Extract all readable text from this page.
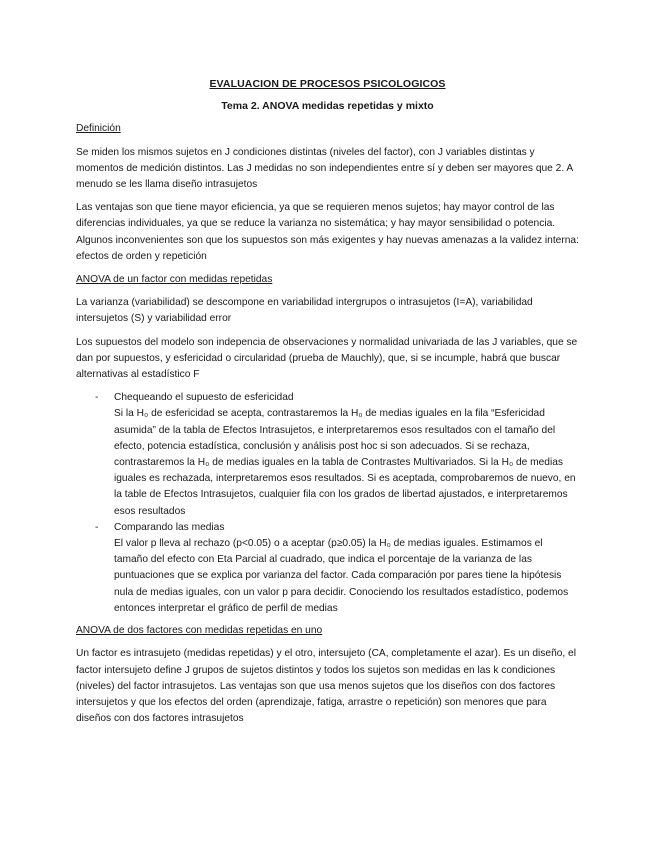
EVALUACION DE PROCESOS PSICOLOGICOS
Tema 2. ANOVA medidas repetidas y mixto
Definición

Se miden los mismos sujetos en J condiciones distintas (niveles del factor), con J variables distintas y momentos de medición distintos. Las J medidas no son independientes entre sí y deben ser mayores que 2. A menudo se les llama diseño intrasujetos

Las ventajas son que tiene mayor eficiencia, ya que se requieren menos sujetos; hay mayor control de las diferencias individuales, ya que se reduce la varianza no sistemática; y hay mayor sensibilidad o potencia. Algunos inconvenientes son que los supuestos son más exigentes y hay nuevas amenazas a la validez interna: efectos de orden y repetición

ANOVA de un factor con medidas repetidas

La varianza (variabilidad) se descompone en variabilidad intergrupos o intrasujetos (I=A), variabilidad intersujetos (S) y variabilidad error

Los supuestos del modelo son indepencia de observaciones y normalidad univariada de las J variables, que se dan por supuestos, y esfericidad o circularidad (prueba de Mauchly), que, si se incumple, habrá que buscar alternativas al estadístico F

- Chequeando el supuesto de esfericidad
Si la H₀ de esfericidad se acepta, contrastaremos la H₀ de medias iguales en la fila “Esfericidad asumida” de la tabla de Efectos Intrasujetos, e interpretaremos esos resultados con el tamaño del efecto, potencia estadística, conclusión y análisis post hoc si son adecuados. Si se rechaza, contrastaremos la H₀ de medias iguales en la tabla de Contrastes Multivariados. Si la H₀ de medias iguales es rechazada, interpretaremos esos resultados. Si es aceptada, comprobaremos de nuevo, en la table de Efectos Intrasujetos, cualquier fila con los grados de libertad ajustados, e interpretaremos esos resultados
- Comparando las medias
El valor p lleva al rechazo (p<0.05) o a aceptar (p≥0.05) la H₀ de medias iguales. Estimamos el tamaño del efecto con Eta Parcial al cuadrado, que indica el porcentaje de la varianza de las puntuaciones que se explica por varianza del factor. Cada comparación por pares tiene la hipótesis nula de medias iguales, con un valor p para decidir. Conociendo los resultados estadístico, podemos entonces interpretar el gráfico de perfil de medias
ANOVA de dos factores con medidas repetidas en uno

Un factor es intrasujeto (medidas repetidas) y el otro, intersujeto (CA, completamente el azar). Es un diseño, el factor intersujeto define J grupos de sujetos distintos y todos los sujetos son medidas en las k condiciones (niveles) del factor intrasujetos. Las ventajas son que usa menos sujetos que los diseños con dos factores intersujetos y que los efectos del orden (aprendizaje, fatiga, arrastre o repetición) son menores que para diseños con dos factores intrasujetos
